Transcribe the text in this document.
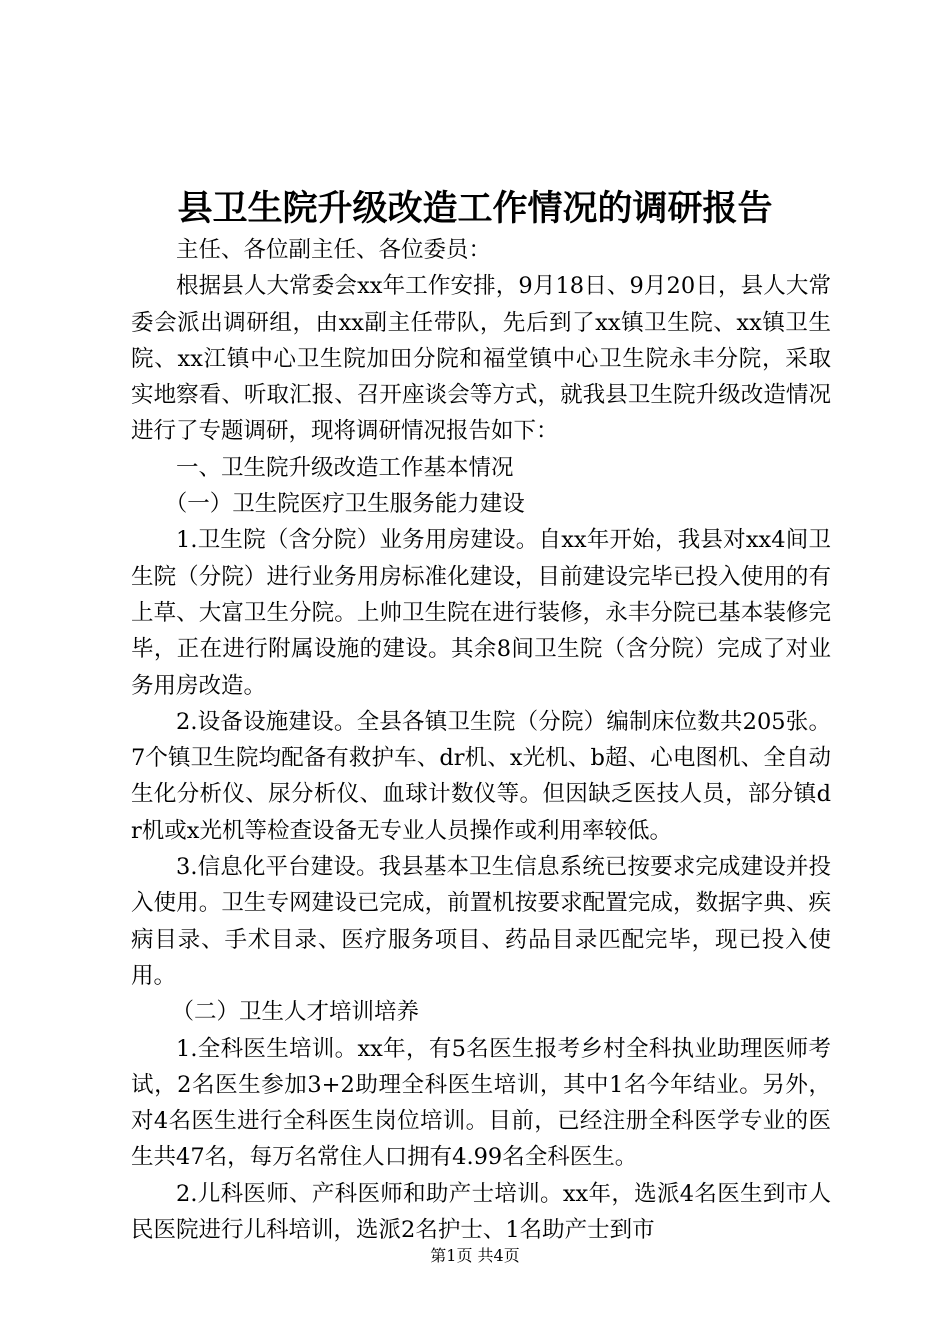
县卫生院升级改造工作情况的调研报告

主任、各位副主任、各位委员：

根据县人大常委会xx年工作安排，9月18日、9月20日，县人大常委会派出调研组，由xx副主任带队，先后到了xx镇卫生院、xx镇卫生院、xx江镇中心卫生院加田分院和福堂镇中心卫生院永丰分院，采取实地察看、听取汇报、召开座谈会等方式，就我县卫生院升级改造情况进行了专题调研，现将调研情况报告如下：

一、卫生院升级改造工作基本情况

（一）卫生院医疗卫生服务能力建设

1.卫生院（含分院）业务用房建设。自xx年开始，我县对xx4间卫生院（分院）进行业务用房标准化建设，目前建设完毕已投入使用的有上草、大富卫生分院。上帅卫生院在进行装修，永丰分院已基本装修完毕，正在进行附属设施的建设。其余8间卫生院（含分院）完成了对业务用房改造。

2.设备设施建设。全县各镇卫生院（分院）编制床位数共205张。7个镇卫生院均配备有救护车、dr机、x光机、b超、心电图机、全自动生化分析仪、尿分析仪、血球计数仪等。但因缺乏医技人员，部分镇dr机或x光机等检查设备无专业人员操作或利用率较低。

3.信息化平台建设。我县基本卫生信息系统已按要求完成建设并投入使用。卫生专网建设已完成，前置机按要求配置完成，数据字典、疾病目录、手术目录、医疗服务项目、药品目录匹配完毕，现已投入使用。

（二）卫生人才培训培养

1.全科医生培训。xx年，有5名医生报考乡村全科执业助理医师考试，2名医生参加3+2助理全科医生培训，其中1名今年结业。另外，对4名医生进行全科医生岗位培训。目前，已经注册全科医学专业的医生共47名，每万名常住人口拥有4.99名全科医生。

2.儿科医师、产科医师和助产士培训。xx年，选派4名医生到市人民医院进行儿科培训，选派2名护士、1名助产士到市

第1页 共4页
